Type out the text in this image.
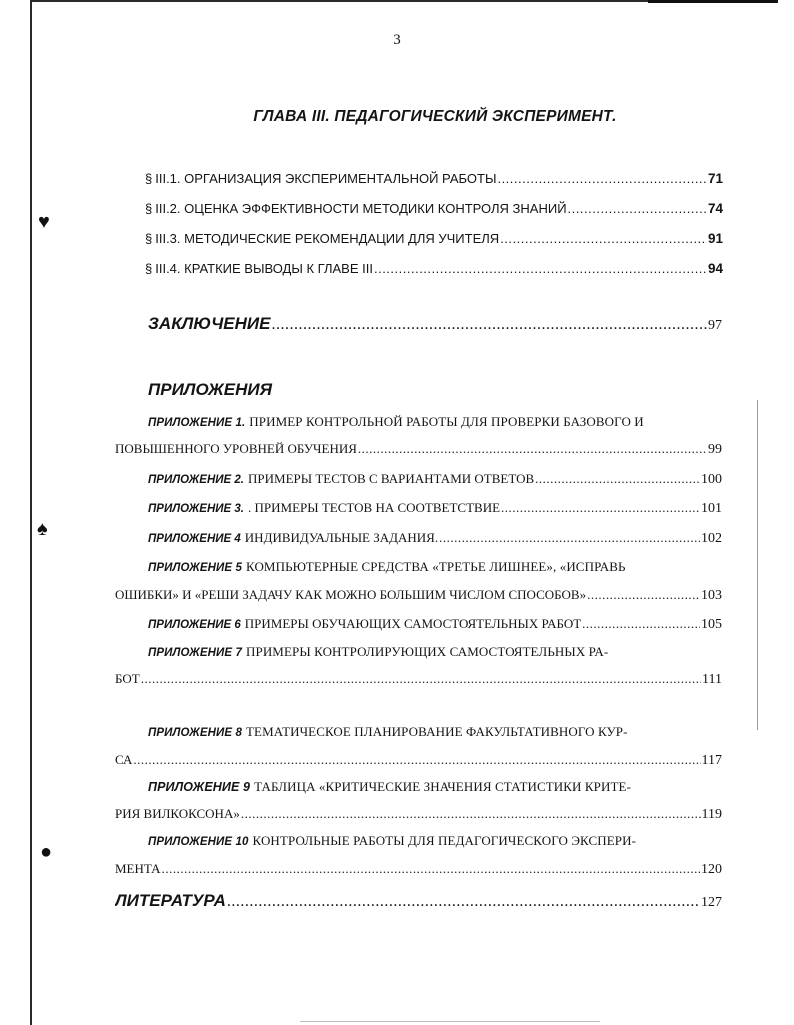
♥
♠
●
3
ГЛАВА III. ПЕДАГОГИЧЕСКИЙ ЭКСПЕРИМЕНТ.
§ III.1. ОРГАНИЗАЦИЯ ЭКСПЕРИМЕНТАЛЬНОЙ РАБОТЫ .....	71
§ III.2. ОЦЕНКА ЭФФЕКТИВНОСТИ МЕТОДИКИ КОНТРОЛЯ ЗНАНИЙ .....	74
§ III.3. МЕТОДИЧЕСКИЕ РЕКОМЕНДАЦИИ ДЛЯ УЧИТЕЛЯ .....	91
§ III.4. КРАТКИЕ ВЫВОДЫ К ГЛАВЕ III .....	94
ЗАКЛЮЧЕНИЕ .....	97
ПРИЛОЖЕНИЯ
ПРИЛОЖЕНИЕ 1. ПРИМЕР КОНТРОЛЬНОЙ РАБОТЫ ДЛЯ ПРОВЕРКИ БАЗОВОГО И
ПОВЫШЕННОГО УРОВНЕЙ ОБУЧЕНИЯ .....	99
ПРИЛОЖЕНИЕ 2. ПРИМЕРЫ ТЕСТОВ С ВАРИАНТАМИ ОТВЕТОВ .....	100
ПРИЛОЖЕНИЕ 3. . ПРИМЕРЫ ТЕСТОВ НА СООТВЕТСТВИЕ .....	101
ПРИЛОЖЕНИЕ 4 ИНДИВИДУАЛЬНЫЕ ЗАДАНИЯ. .....	102
ПРИЛОЖЕНИЕ 5 КОМПЬЮТЕРНЫЕ СРЕДСТВА «ТРЕТЬЕ ЛИШНЕЕ», «ИСПРАВЬ
ОШИБКИ» И «РЕШИ ЗАДАЧУ КАК МОЖНО БОЛЬШИМ ЧИСЛОМ СПОСОБОВ» .....	103
ПРИЛОЖЕНИЕ 6 ПРИМЕРЫ ОБУЧАЮЩИХ САМОСТОЯТЕЛЬНЫХ РАБОТ .....	105
ПРИЛОЖЕНИЕ 7 ПРИМЕРЫ КОНТРОЛИРУЮЩИХ САМОСТОЯТЕЛЬНЫХ РА-
БОТ .....	111
ПРИЛОЖЕНИЕ 8 ТЕМАТИЧЕСКОЕ ПЛАНИРОВАНИЕ ФАКУЛЬТАТИВНОГО КУР-
СА .....	117
ПРИЛОЖЕНИЕ 9 ТАБЛИЦА «КРИТИЧЕСКИЕ ЗНАЧЕНИЯ СТАТИСТИКИ КРИТЕ-
РИЯ ВИЛКОКСОНА» .....	119
ПРИЛОЖЕНИЕ 10 КОНТРОЛЬНЫЕ РАБОТЫ ДЛЯ ПЕДАГОГИЧЕСКОГО ЭКСПЕРИ-
МЕНТА .....	120
ЛИТЕРАТУРА .....	127
